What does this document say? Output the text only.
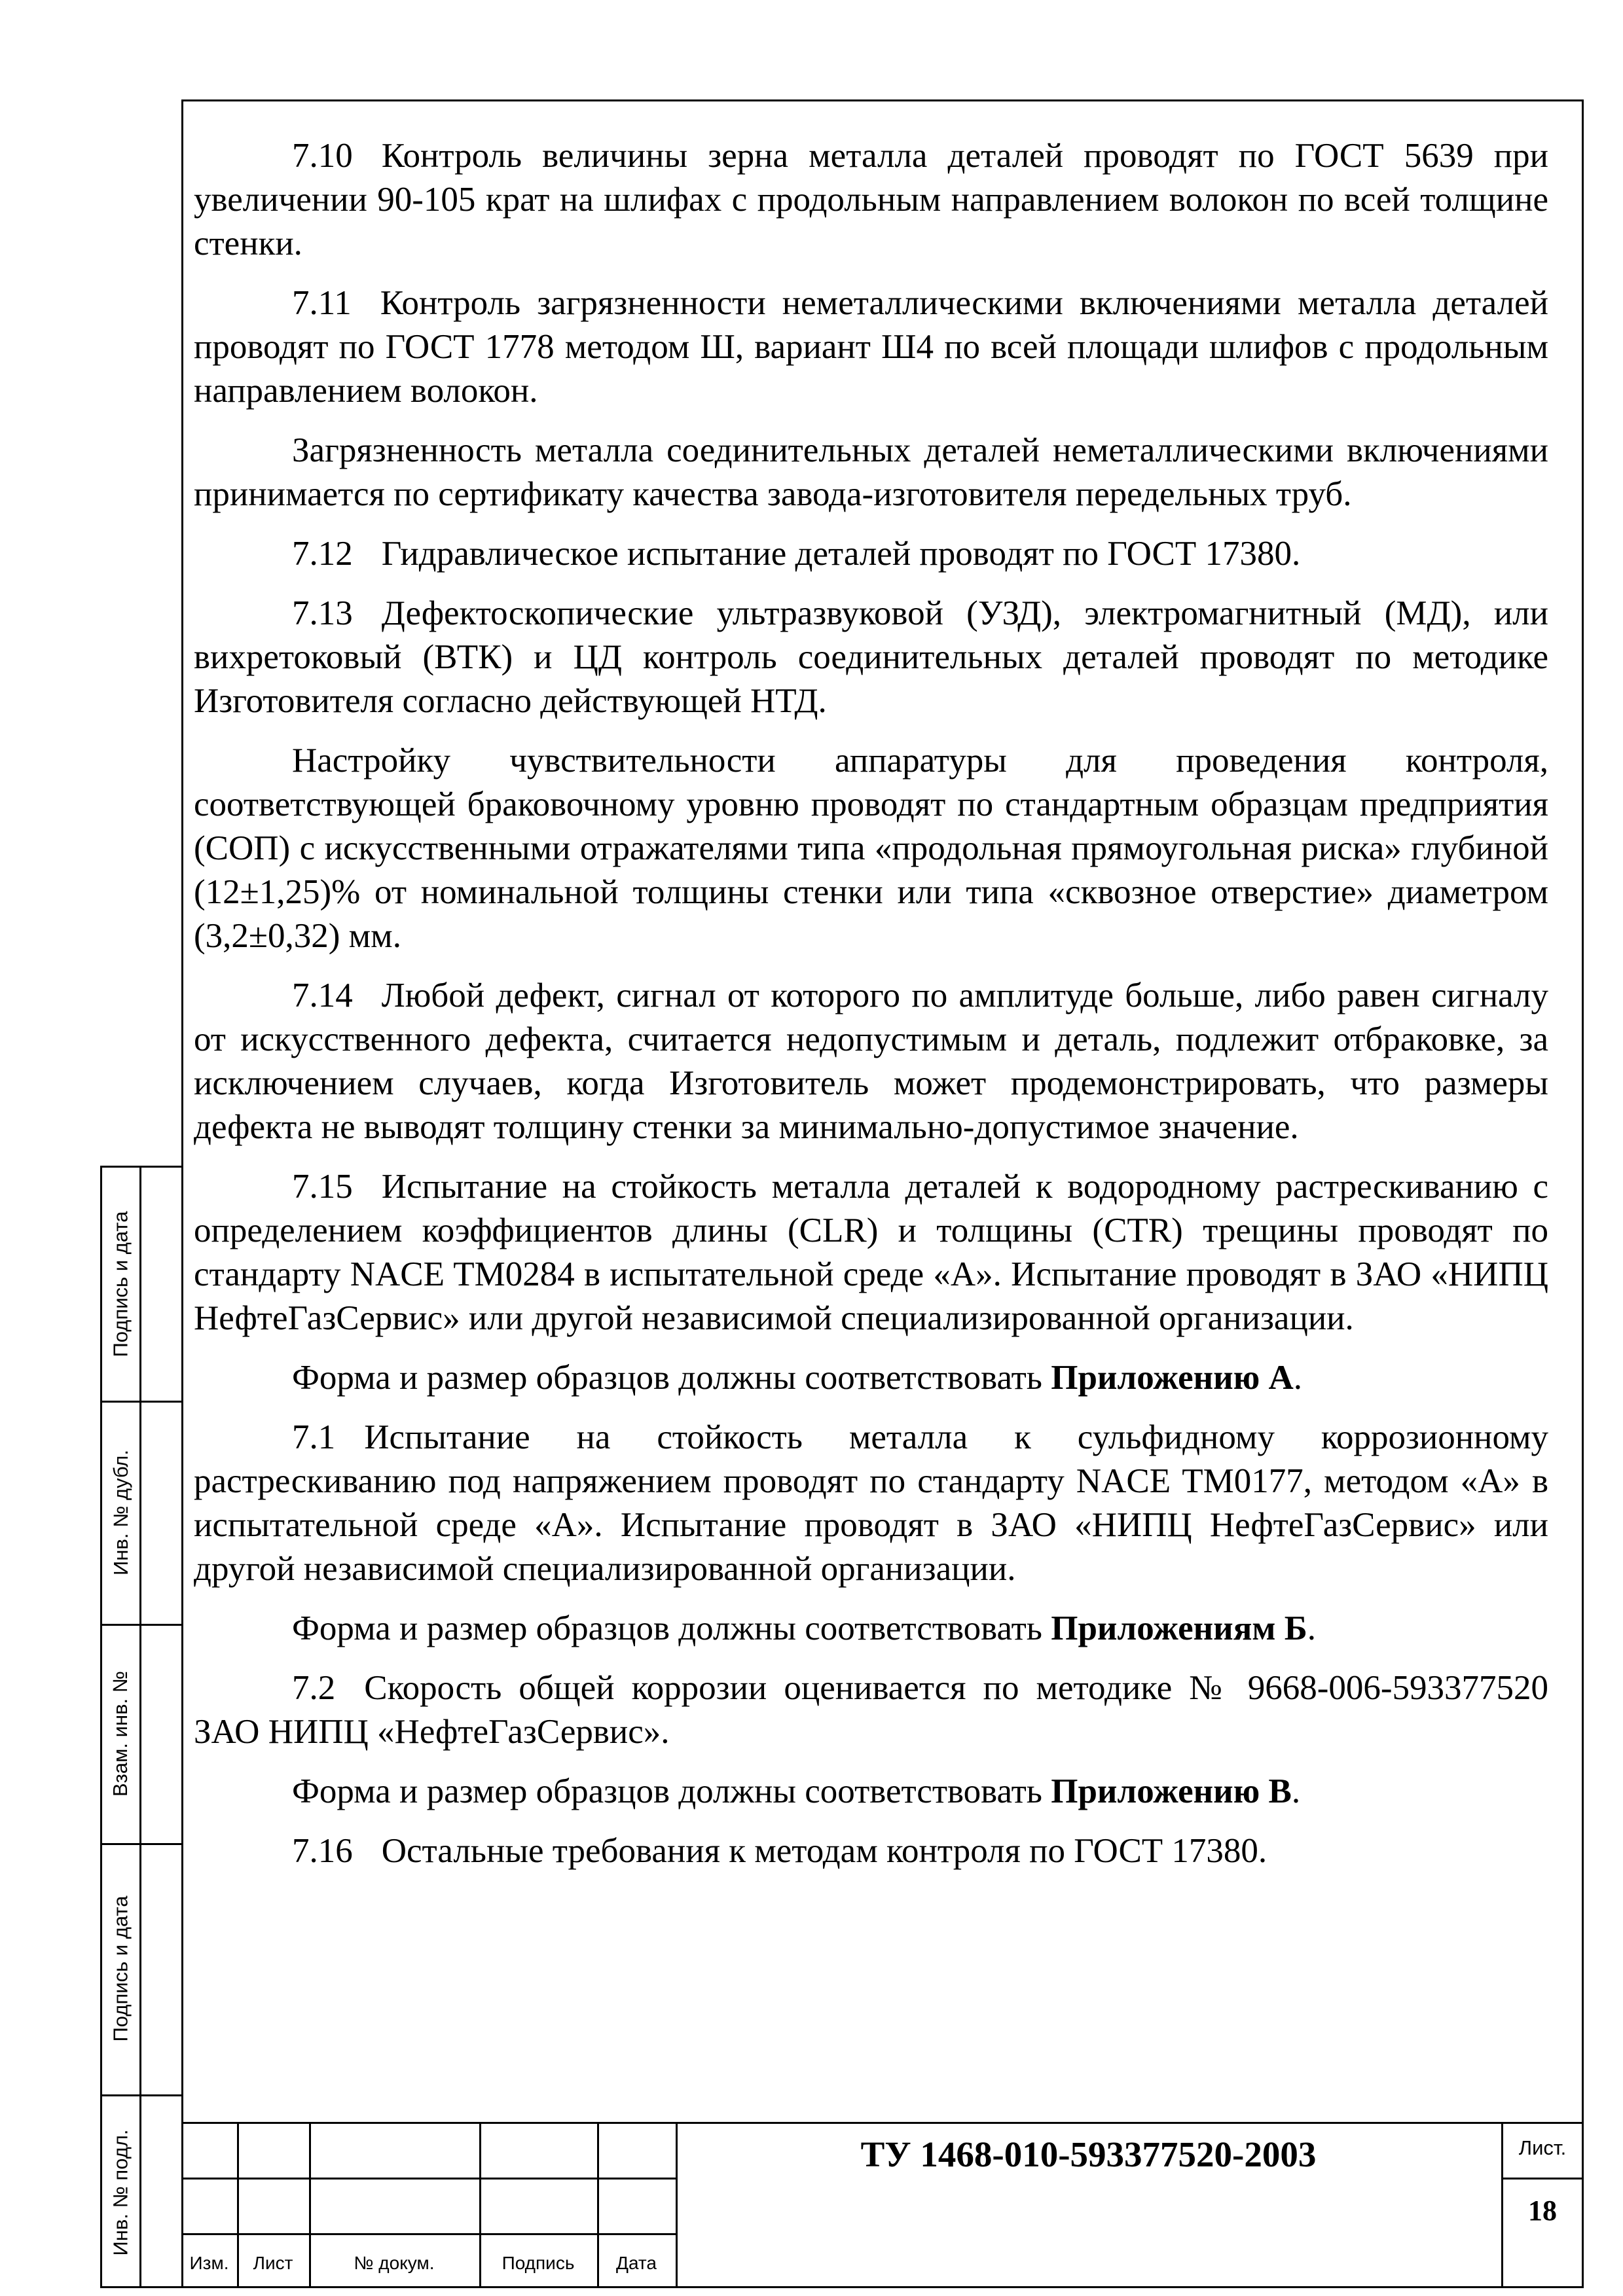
Подпись и дата
Инв. № дубл.
Взам. инв. №
Подпись и дата
Инв. № подл.

7.10 Контроль величины зерна металла деталей проводят по ГОСТ 5639 при увеличении 90-105 крат на шлифах с продольным направлением волокон по всей толщине стенки.

7.11 Контроль загрязненности неметаллическими включениями металла деталей проводят по ГОСТ 1778 методом Ш, вариант Ш4 по всей площади шлифов с продольным направлением волокон.

Загрязненность металла соединительных деталей неметаллическими включениями принимается по сертификату качества завода-изготовителя передельных труб.

7.12 Гидравлическое испытание деталей проводят по ГОСТ 17380.

7.13 Дефектоскопические ультразвуковой (УЗД), электромагнитный (МД), или вихретоковый (ВТК) и ЦД контроль соединительных деталей проводят по методике Изготовителя согласно действующей НТД.

Настройку чувствительности аппаратуры для проведения контроля, соответствующей браковочному уровню проводят по стандартным образцам предприятия (СОП) с искусственными отражателями типа «продольная прямоугольная риска» глубиной (12±1,25)% от номинальной толщины стенки или типа «сквозное отверстие» диаметром (3,2±0,32) мм.

7.14 Любой дефект, сигнал от которого по амплитуде больше, либо равен сигналу от искусственного дефекта, считается недопустимым и деталь, подлежит отбраковке, за исключением случаев, когда Изготовитель может продемонстрировать, что размеры дефекта не выводят толщину стенки за минимально-допустимое значение.

7.15 Испытание на стойкость металла деталей к водородному растрескиванию с определением коэффициентов длины (CLR) и толщины (CTR) трещины проводят по стандарту NACE TM0284 в испытательной среде «А». Испытание проводят в ЗАО «НИПЦ НефтеГазСервис» или другой независимой специализированной организации.

Форма и размер образцов должны соответствовать Приложению А.

7.1 Испытание на стойкость металла к сульфидному коррозионному растрескиванию под напряжением проводят по стандарту NACE TM0177, методом «А» в испытательной среде «А». Испытание проводят в ЗАО «НИПЦ НефтеГазСервис» или другой независимой специализированной организации.

Форма и размер образцов должны соответствовать Приложениям Б.

7.2 Скорость общей коррозии оценивается по методике № 9668-006-593377520 ЗАО НИПЦ «НефтеГазСервис».

Форма и размер образцов должны соответствовать Приложению В.

7.16 Остальные требования к методам контроля по ГОСТ 17380.

Изм.	Лист	№ докум.	Подпись	Дата
ТУ 1468-010-593377520-2003	Лист.
18
